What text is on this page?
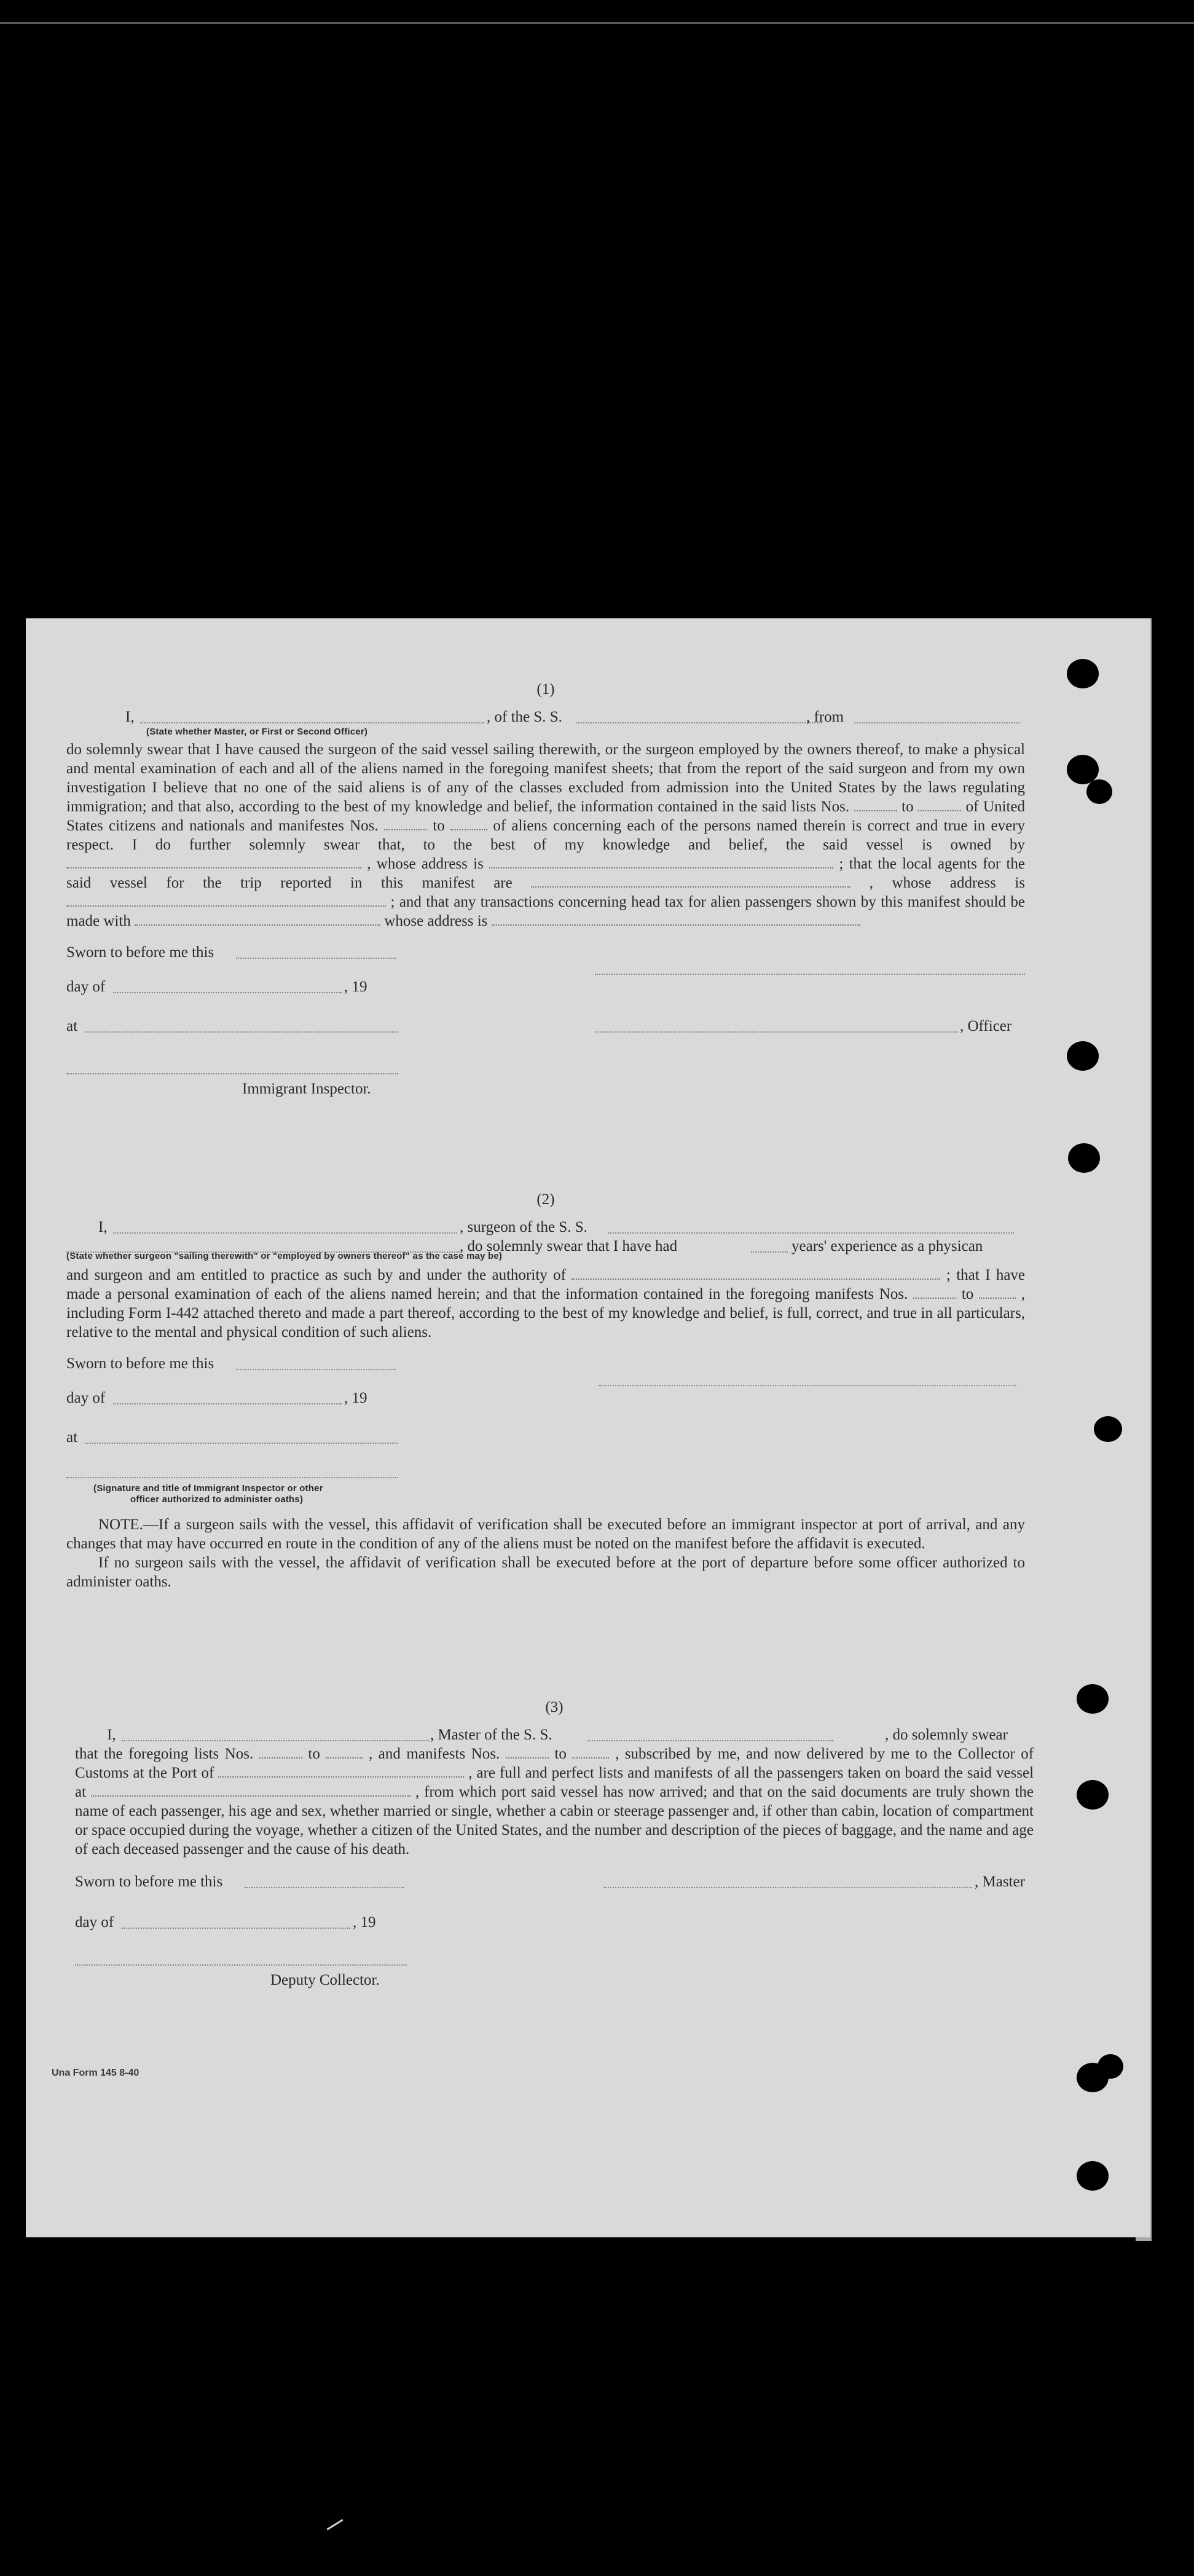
(1)
I,	, of the S. S.	, from
(State whether Master, or First or Second Officer)

do solemnly swear that I have caused the surgeon of the said vessel sailing therewith, or the surgeon employed by the owners thereof, to make a physical and mental examination of each and all of the aliens named in the foregoing manifest sheets; that from the report of the said surgeon and from my own investigation I believe that no one of the said aliens is of any of the classes excluded from admission into the United States by the laws regulating immigration; and that also, according to the best of my knowledge and belief, the information contained in the said lists Nos.	to	of United States citizens and nationals and manifestes Nos.	to	of aliens concerning each of the persons named therein is correct and true in every respect. I do further solemnly swear that, to the best of my knowledge and belief, the said vessel is owned by  , whose address is	; that the local agents for the said vessel for the trip reported in this manifest are	, whose address is  ; and that any transactions concerning head tax for alien passengers shown by this manifest should be made with	whose address is

Sworn to before me this
day of	, 19
at	, Officer
Immigrant Inspector.
(2)
I,	, surgeon of the S. S.
, do solemnly swear that I have had	years' experience as a physican
(State whether surgeon "sailing therewith" or "employed by owners thereof" as the case may be)

and surgeon and am entitled to practice as such by and under the authority of	; that I have made a personal examination of each of the aliens named herein; and that the information contained in the foregoing manifests Nos.	to	, including Form I-442 attached thereto and made a part thereof, according to the best of my knowledge and belief, is full, correct, and true in all particulars, relative to the mental and physical condition of such aliens.

Sworn to before me this
day of	, 19
at
(Signature and title of Immigrant Inspector or other
officer authorized to administer oaths)

NOTE.—If a surgeon sails with the vessel, this affidavit of verification shall be executed before an immigrant inspector at port of arrival, and any changes that may have occurred en route in the condition of any of the aliens must be noted on the manifest before the affidavit is executed.

If no surgeon sails with the vessel, the affidavit of verification shall be executed before at the port of departure before some officer authorized to administer oaths.

(3)
I,	, Master of the S. S.	, do solemnly swear

that the foregoing lists Nos.	to	, and manifests Nos.	to	, subscribed by me, and now delivered by me to the Collector of Customs at the Port of	, are full and perfect lists and manifests of all the passengers taken on board the said vessel at	, from which port said vessel has now arrived; and that on the said documents are truly shown the name of each passenger, his age and sex, whether married or single, whether a cabin or steerage passenger and, if other than cabin, location of compartment or space occupied during the voyage, whether a citizen of the United States, and the number and description of the pieces of baggage, and the name and age of each deceased passenger and the cause of his death.

Sworn to before me this	, Master
day of	, 19
Deputy Collector.
Una Form 145 8-40
